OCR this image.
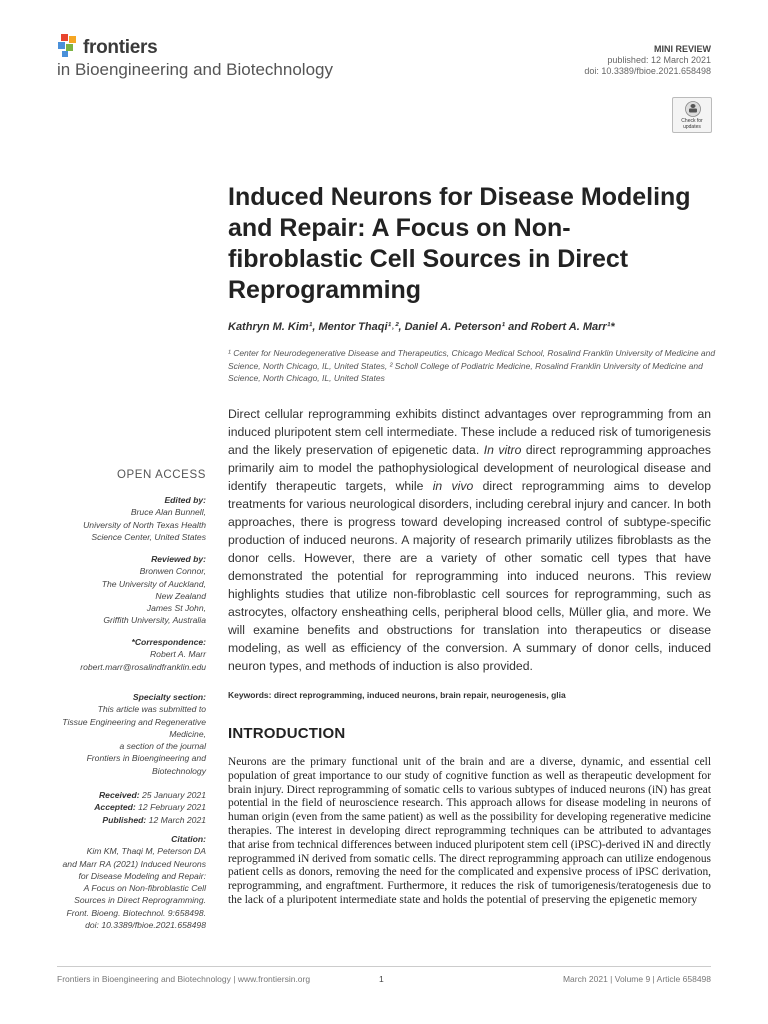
frontiers
in Bioengineering and Biotechnology
MINI REVIEW
published: 12 March 2021
doi: 10.3389/fbioe.2021.658498
Check for updates
Induced Neurons for Disease Modeling and Repair: A Focus on Non-fibroblastic Cell Sources in Direct Reprogramming
Kathryn M. Kim¹, Mentor Thaqi¹˒², Daniel A. Peterson¹ and Robert A. Marr¹*
¹ Center for Neurodegenerative Disease and Therapeutics, Chicago Medical School, Rosalind Franklin University of Medicine and Science, North Chicago, IL, United States, ² Scholl College of Podiatric Medicine, Rosalind Franklin University of Medicine and Science, North Chicago, IL, United States
OPEN ACCESS
Edited by:
Bruce Alan Bunnell,
University of North Texas Health
Science Center, United States
Reviewed by:
Bronwen Connor,
The University of Auckland,
New Zealand
James St John,
Griffith University, Australia
*Correspondence:
Robert A. Marr
robert.marr@rosalindfranklin.edu
Specialty section:
This article was submitted to
Tissue Engineering and Regenerative
Medicine,
a section of the journal
Frontiers in Bioengineering and
Biotechnology
Received: 25 January 2021
Accepted: 12 February 2021
Published: 12 March 2021
Citation:
Kim KM, Thaqi M, Peterson DA
and Marr RA (2021) Induced Neurons
for Disease Modeling and Repair:
A Focus on Non-fibroblastic Cell
Sources in Direct Reprogramming.
Front. Bioeng. Biotechnol. 9:658498.
doi: 10.3389/fbioe.2021.658498
Direct cellular reprogramming exhibits distinct advantages over reprogramming from an induced pluripotent stem cell intermediate. These include a reduced risk of tumorigenesis and the likely preservation of epigenetic data. In vitro direct reprogramming approaches primarily aim to model the pathophysiological development of neurological disease and identify therapeutic targets, while in vivo direct reprogramming aims to develop treatments for various neurological disorders, including cerebral injury and cancer. In both approaches, there is progress toward developing increased control of subtype-specific production of induced neurons. A majority of research primarily utilizes fibroblasts as the donor cells. However, there are a variety of other somatic cell types that have demonstrated the potential for reprogramming into induced neurons. This review highlights studies that utilize non-fibroblastic cell sources for reprogramming, such as astrocytes, olfactory ensheathing cells, peripheral blood cells, Müller glia, and more. We will examine benefits and obstructions for translation into therapeutics or disease modeling, as well as efficiency of the conversion. A summary of donor cells, induced neuron types, and methods of induction is also provided.
Keywords: direct reprogramming, induced neurons, brain repair, neurogenesis, glia
INTRODUCTION
Neurons are the primary functional unit of the brain and are a diverse, dynamic, and essential cell population of great importance to our study of cognitive function as well as therapeutic development for brain injury. Direct reprogramming of somatic cells to various subtypes of induced neurons (iN) has great potential in the field of neuroscience research. This approach allows for disease modeling in neurons of human origin (even from the same patient) as well as the possibility for developing regenerative medicine therapies. The interest in developing direct reprogramming techniques can be attributed to advantages that arise from technical differences between induced pluripotent stem cell (iPSC)-derived iN and directly reprogrammed iN derived from somatic cells. The direct reprogramming approach can utilize endogenous patient cells as donors, removing the need for the complicated and expensive process of iPSC derivation, reprogramming, and engraftment. Furthermore, it reduces the risk of tumorigenesis/teratogenesis due to the lack of a pluripotent intermediate state and holds the potential of preserving the epigenetic memory
Frontiers in Bioengineering and Biotechnology | www.frontiersin.org	1	March 2021 | Volume 9 | Article 658498
